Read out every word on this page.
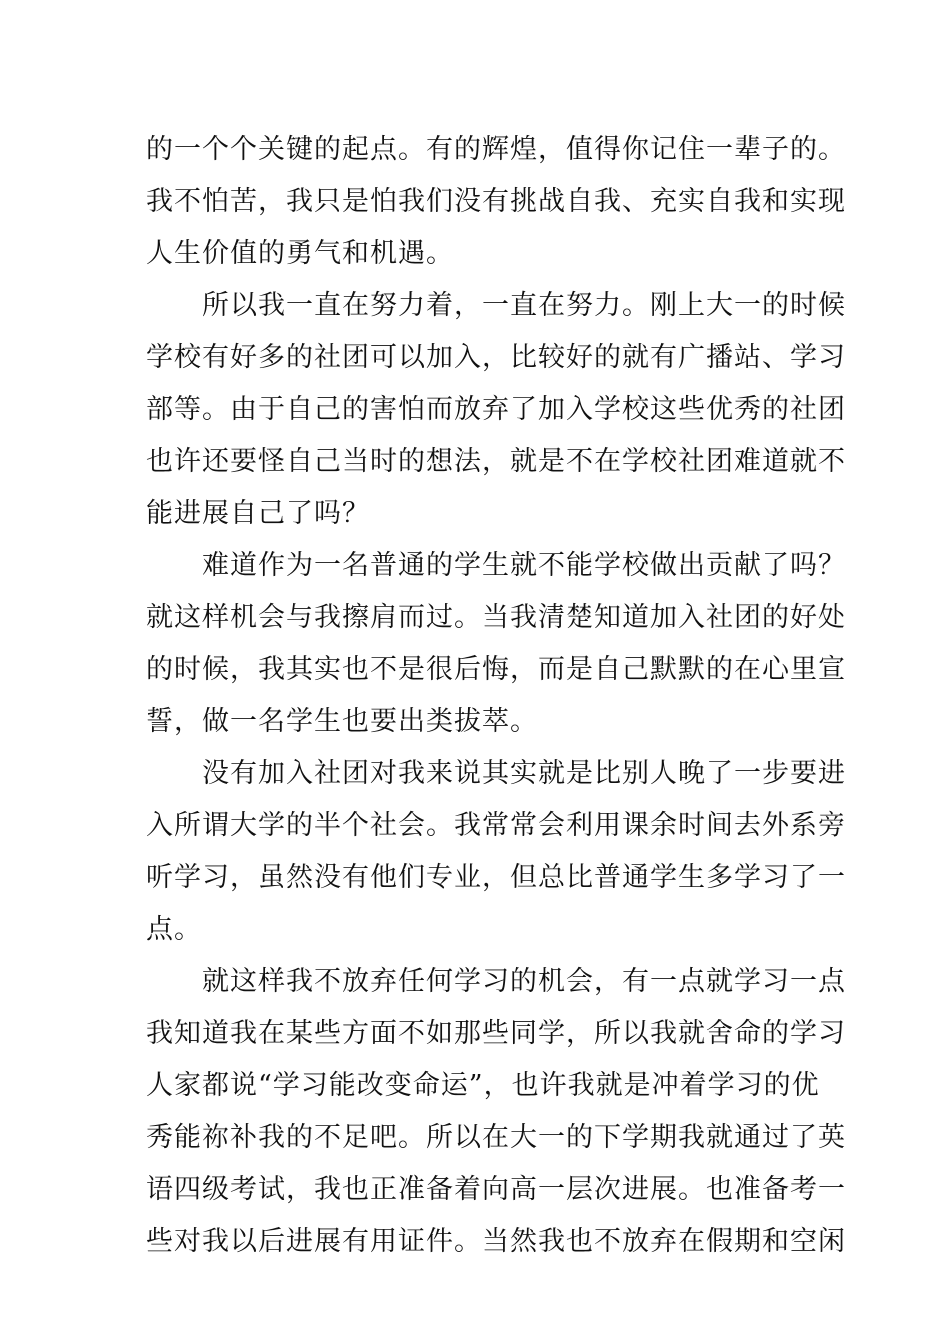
的一个个关键的起点。有的辉煌，值得你记住一辈子的。
我不怕苦，我只是怕我们没有挑战自我、充实自我和实现
人生价值的勇气和机遇。
所以我一直在努力着，一直在努力。刚上大一的时候
学校有好多的社团可以加入，比较好的就有广播站、学习
部等。由于自己的害怕而放弃了加入学校这些优秀的社团
也许还要怪自己当时的想法，就是不在学校社团难道就不
能进展自己了吗？
难道作为一名普通的学生就不能学校做出贡献了吗？
就这样机会与我擦肩而过。当我清楚知道加入社团的好处
的时候，我其实也不是很后悔，而是自己默默的在心里宣
誓，做一名学生也要出类拔萃。
没有加入社团对我来说其实就是比别人晚了一步要进
入所谓大学的半个社会。我常常会利用课余时间去外系旁
听学习，虽然没有他们专业，但总比普通学生多学习了一
点。
就这样我不放弃任何学习的机会，有一点就学习一点
我知道我在某些方面不如那些同学，所以我就舍命的学习
人家都说“学习能改变命运”，也许我就是冲着学习的优
秀能祢补我的不足吧。所以在大一的下学期我就通过了英
语四级考试，我也正准备着向高一层次进展。也准备考一
些对我以后进展有用证件。当然我也不放弃在假期和空闲
